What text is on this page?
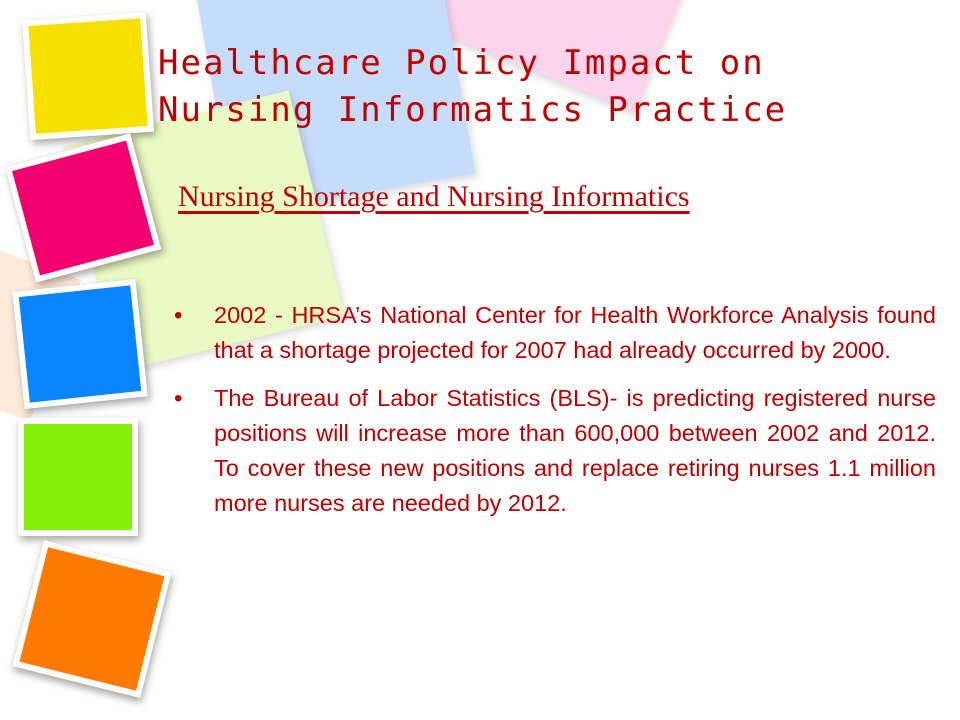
Healthcare Policy Impact on Nursing Informatics Practice
Nursing Shortage and Nursing Informatics
• 2002 - HRSA’s National Center for Health Workforce Analysis found that a shortage projected for 2007 had already occurred by 2000.
• The Bureau of Labor Statistics (BLS)- is predicting registered nurse positions will increase more than 600,000 between 2002 and 2012. To cover these new positions and replace retiring nurses 1.1 million more nurses are needed by 2012.
